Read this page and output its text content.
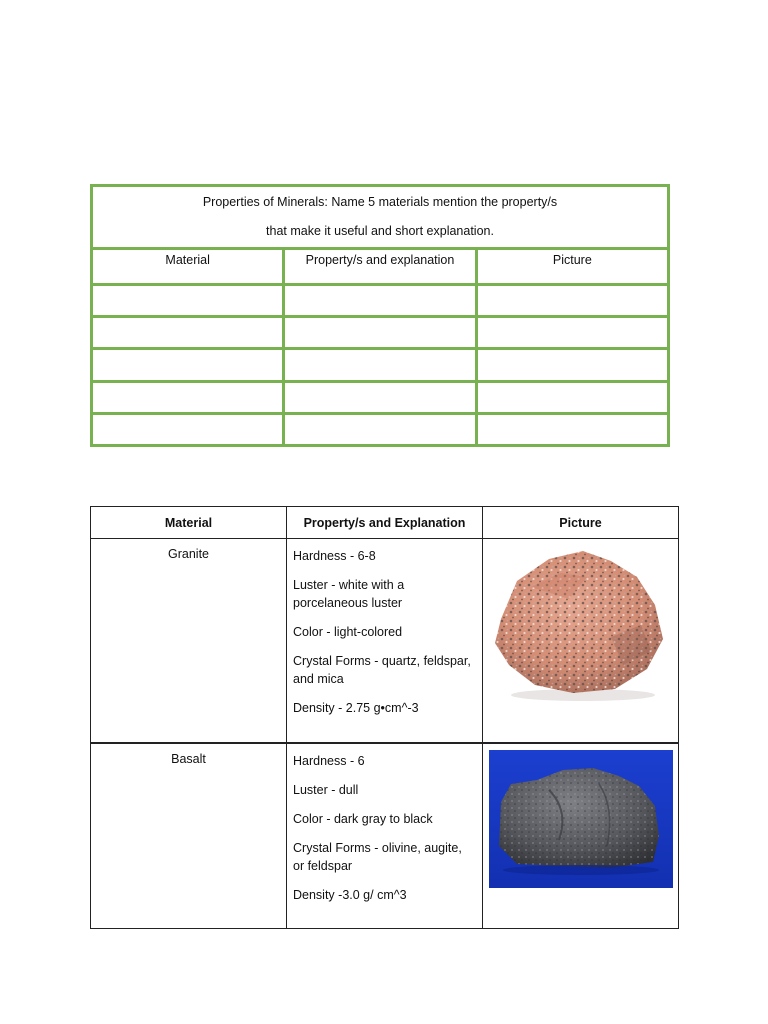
Properties of Minerals: Name 5 materials mention the property/s
that make it useful and short explanation.		

Material	Property/s and explanation	Picture

Material	Property/s and Explanation	Picture
Granite	Hardness - 6-8

Luster - white with a porcelaneous luster

Color - light-colored

Crystal Forms - quartz, feldspar, and mica

Density - 2.75 g•cm^-3

Basalt	Hardness - 6

Luster - dull

Color - dark gray to black

Crystal Forms - olivine, augite, or feldspar

Density -3.0 g/ cm^3
